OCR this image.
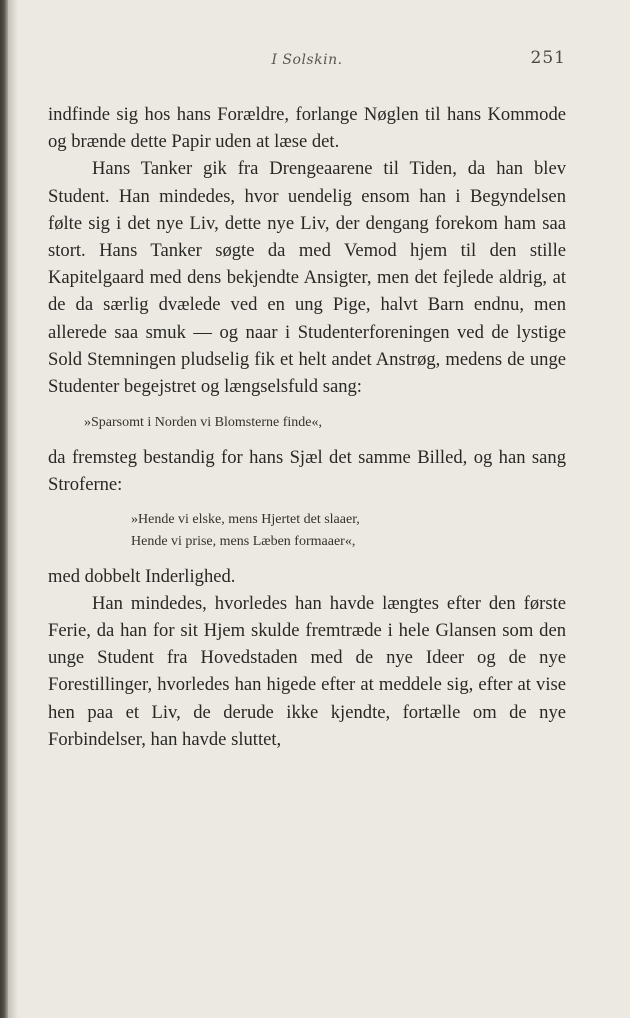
I Solskin.	251

indfinde sig hos hans Forældre, forlange Nøglen til hans Kommode og brænde dette Papir uden at læse det.

Hans Tanker gik fra Drengeaarene til Tiden, da han blev Student. Han mindedes, hvor uendelig ensom han i Begyndelsen følte sig i det nye Liv, dette nye Liv, der dengang forekom ham saa stort. Hans Tanker søgte da med Vemod hjem til den stille Kapitelgaard med dens bekjendte Ansigter, men det fejlede aldrig, at de da særlig dvælede ved en ung Pige, halvt Barn endnu, men allerede saa smuk — og naar i Studenterforeningen ved de lystige Sold Stemningen pludselig fik et helt andet Anstrøg, medens de unge Studenter begejstret og længselsfuld sang:

»Sparsomt i Norden vi Blomsterne finde«,

da fremsteg bestandig for hans Sjæl det samme Billed, og han sang Stroferne:

»Hende vi elske, mens Hjertet det slaaer,
Hende vi prise, mens Læben formaaer«,

med dobbelt Inderlighed.

Han mindedes, hvorledes han havde længtes efter den første Ferie, da han for sit Hjem skulde fremtræde i hele Glansen som den unge Student fra Hovedstaden med de nye Ideer og de nye Forestillinger, hvorledes han higede efter at meddele sig, efter at vise hen paa et Liv, de derude ikke kjendte, fortælle om de nye Forbindelser, han havde sluttet,
